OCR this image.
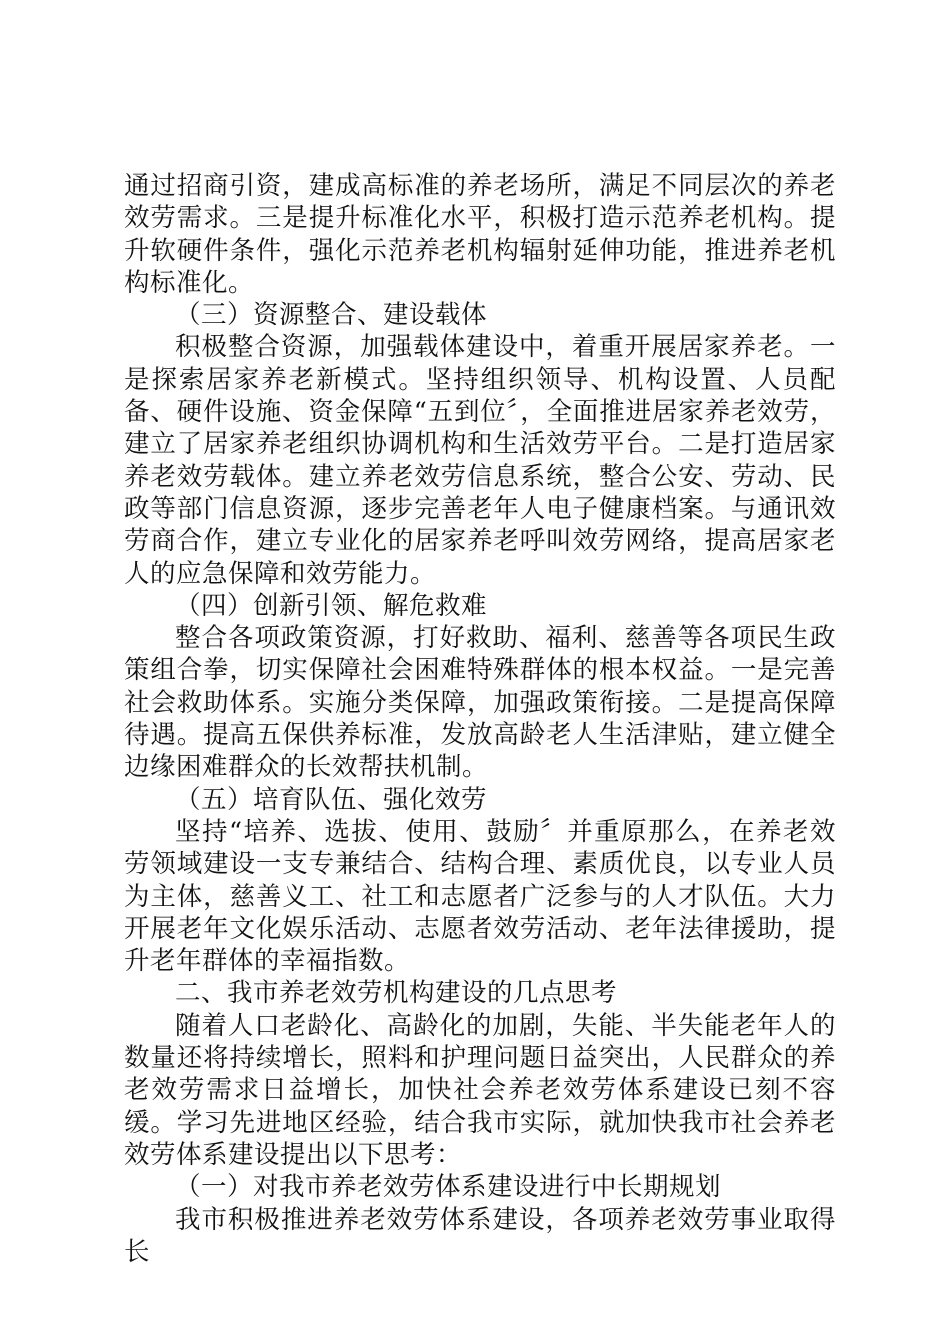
通过招商引资，建成高标准的养老场所，满足不同层次的养老效劳需求。三是提升标准化水平，积极打造示范养老机构。提升软硬件条件，强化示范养老机构辐射延伸功能，推进养老机构标准化。

（三）资源整合、建设载体

积极整合资源，加强载体建设中，着重开展居家养老。一是探索居家养老新模式。坚持组织领导、机构设置、人员配备、硬件设施、资金保障“五到位〞，全面推进居家养老效劳，建立了居家养老组织协调机构和生活效劳平台。二是打造居家养老效劳载体。建立养老效劳信息系统，整合公安、劳动、民政等部门信息资源，逐步完善老年人电子健康档案。与通讯效劳商合作，建立专业化的居家养老呼叫效劳网络，提高居家老人的应急保障和效劳能力。

（四）创新引领、解危救难

整合各项政策资源，打好救助、福利、慈善等各项民生政策组合拳，切实保障社会困难特殊群体的根本权益。一是完善社会救助体系。实施分类保障，加强政策衔接。二是提高保障待遇。提高五保供养标准，发放高龄老人生活津贴，建立健全边缘困难群众的长效帮扶机制。

（五）培育队伍、强化效劳

坚持“培养、选拔、使用、鼓励〞并重原那么，在养老效劳领域建设一支专兼结合、结构合理、素质优良，以专业人员为主体，慈善义工、社工和志愿者广泛参与的人才队伍。大力开展老年文化娱乐活动、志愿者效劳活动、老年法律援助，提升老年群体的幸福指数。

二、我市养老效劳机构建设的几点思考

随着人口老龄化、高龄化的加剧，失能、半失能老年人的数量还将持续增长，照料和护理问题日益突出，人民群众的养老效劳需求日益增长，加快社会养老效劳体系建设已刻不容缓。学习先进地区经验，结合我市实际，就加快我市社会养老效劳体系建设提出以下思考：

（一）对我市养老效劳体系建设进行中长期规划

我市积极推进养老效劳体系建设，各项养老效劳事业取得长
